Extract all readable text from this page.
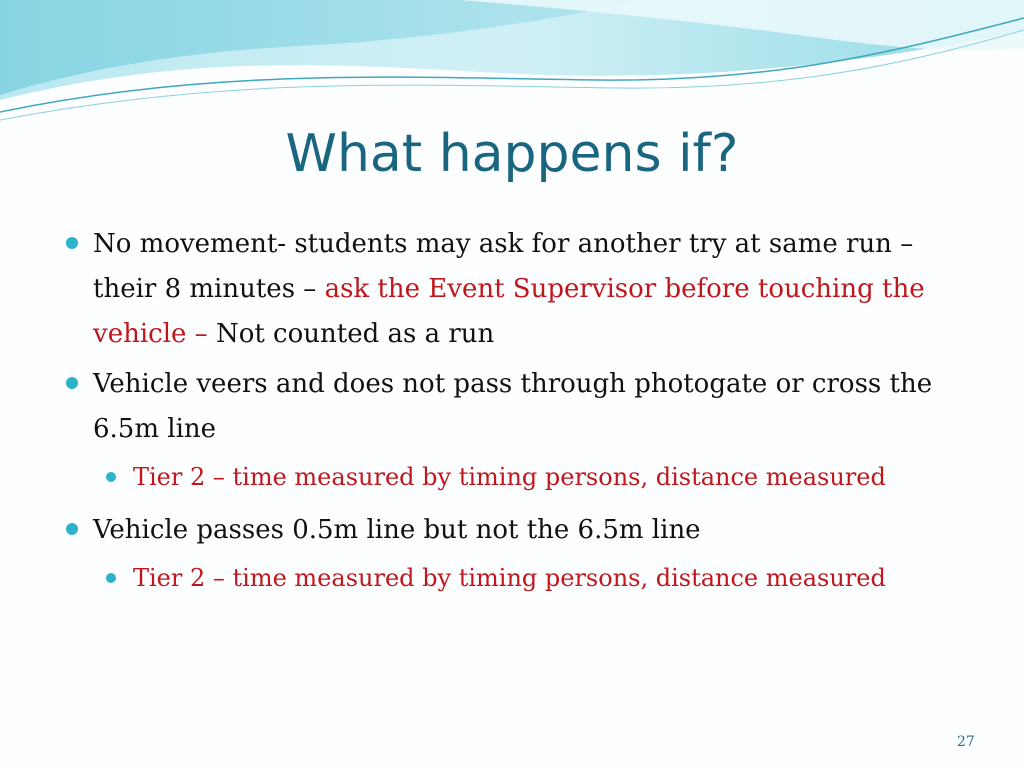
What happens if?
No movement- students may ask for another try at same run – their 8 minutes – ask the Event Supervisor before touching the vehicle – Not counted as a run
Vehicle veers and does not pass through photogate or cross the 6.5m line
Tier 2 – time measured by timing persons, distance measured
Vehicle passes 0.5m line but not the 6.5m line
Tier 2 – time measured by timing persons, distance measured
27
